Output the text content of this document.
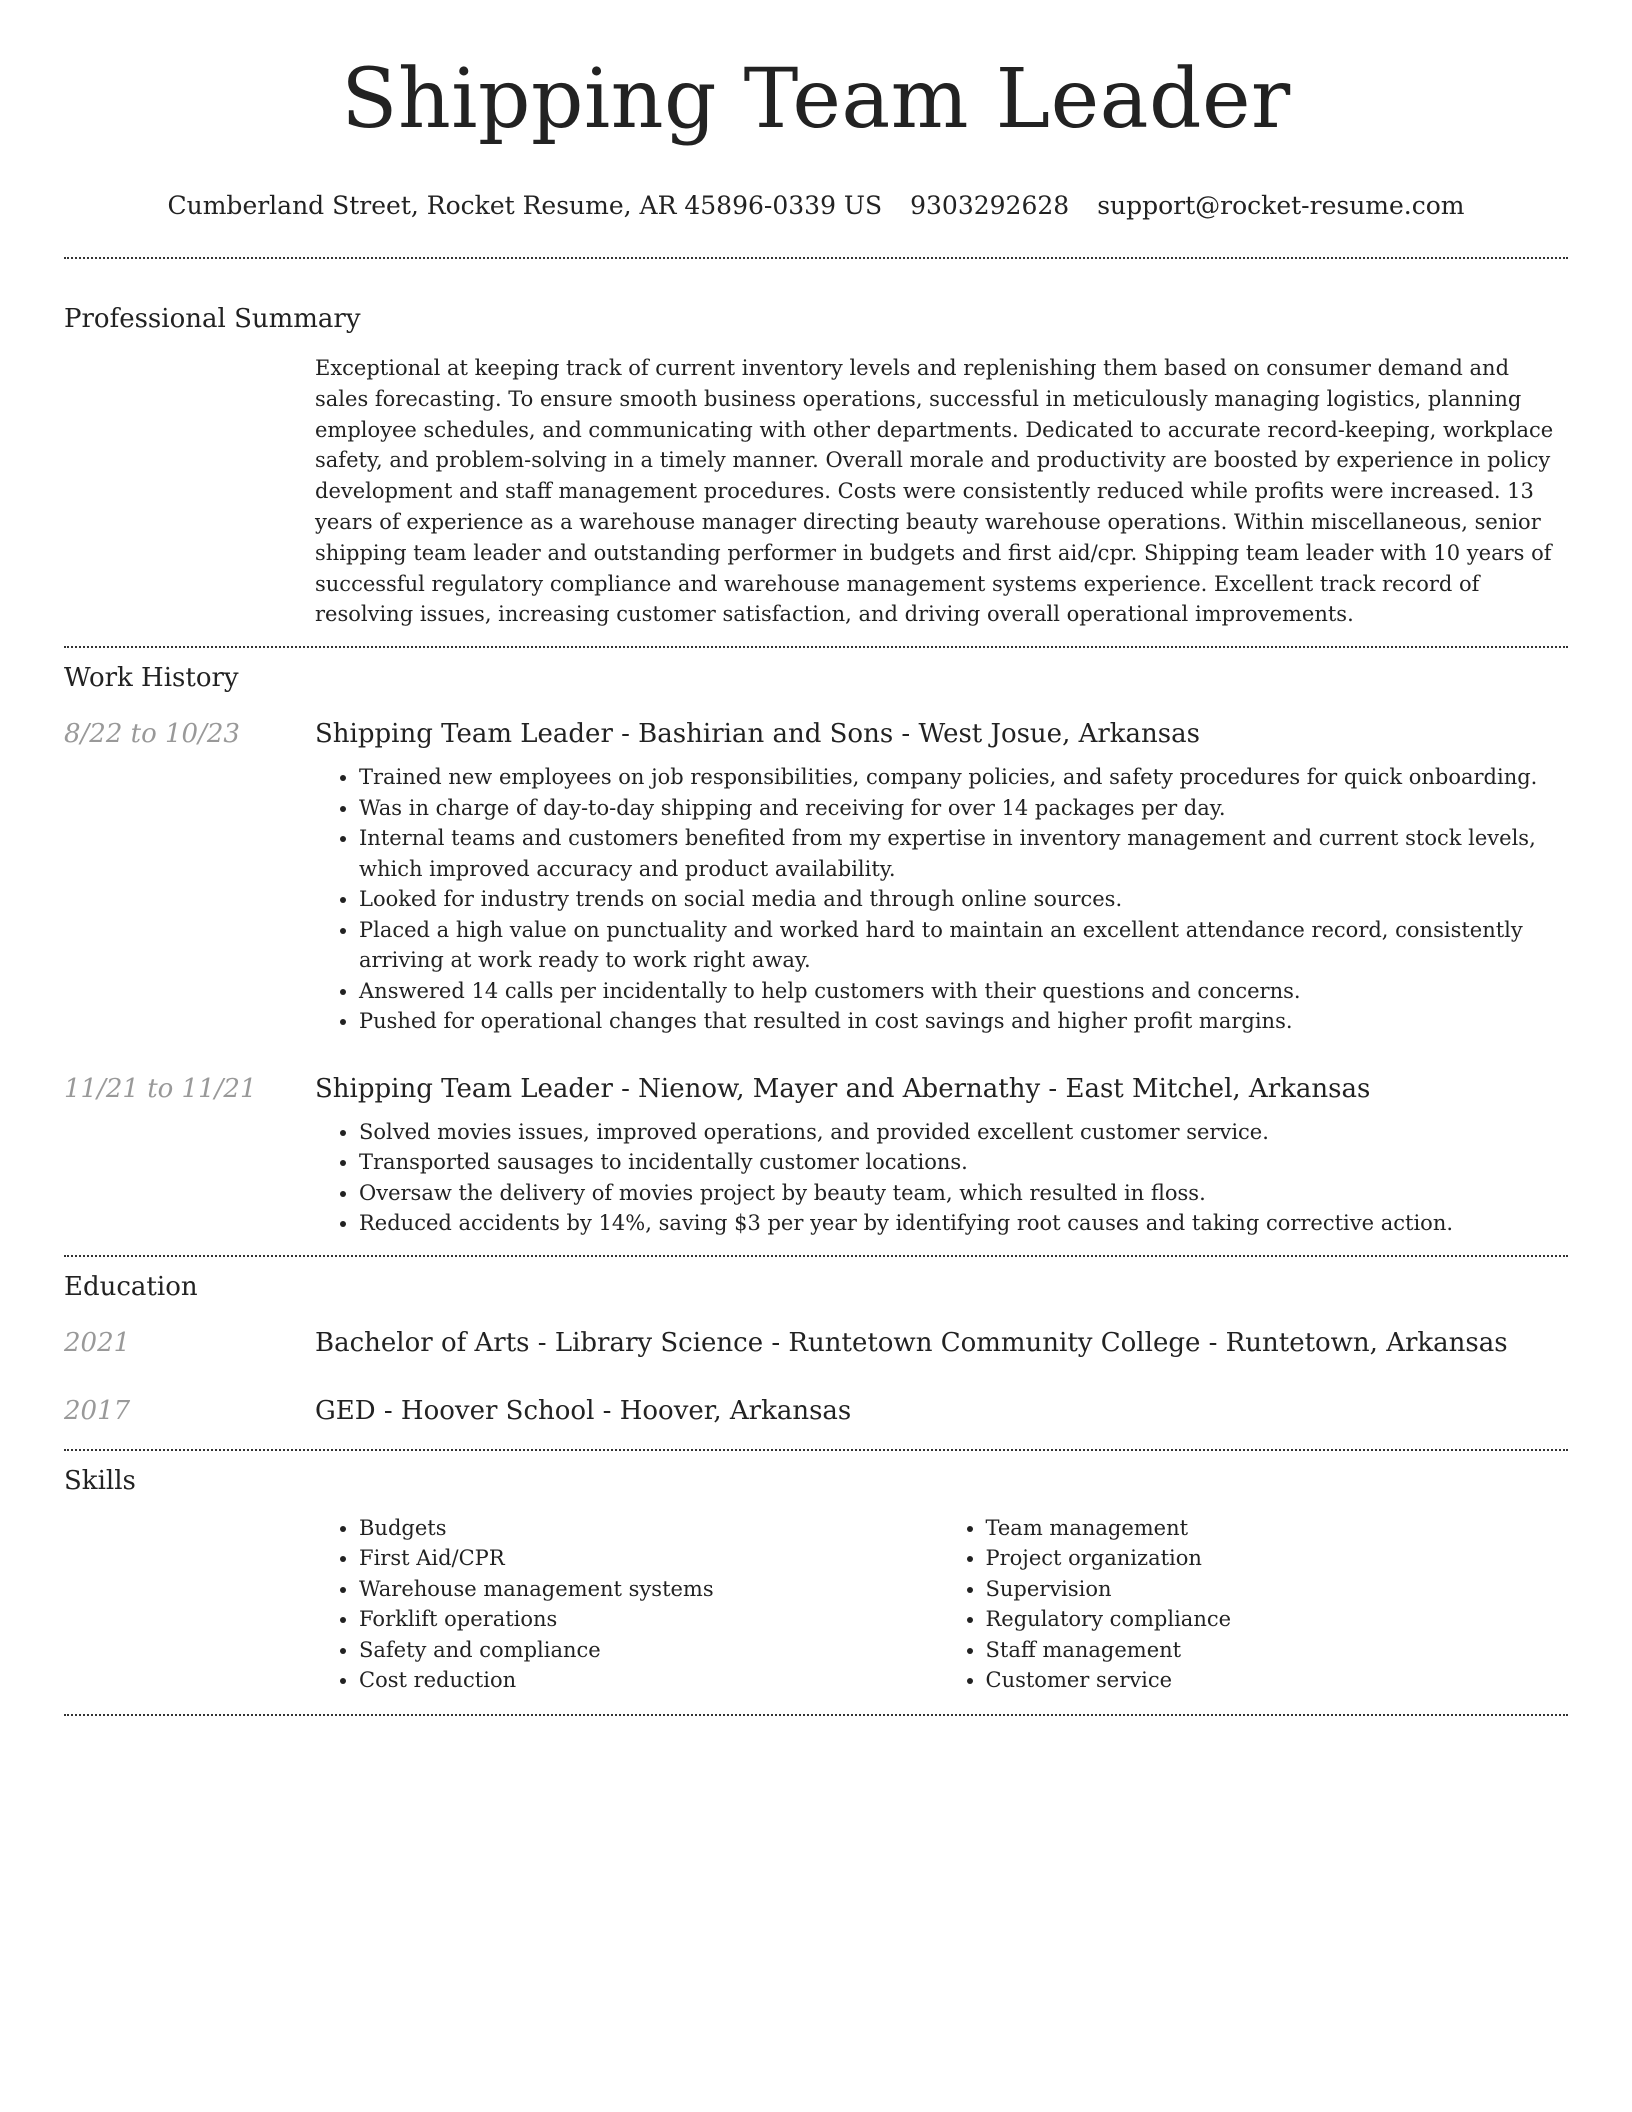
Shipping Team Leader
Cumberland Street, Rocket Resume, AR 45896-0339 US 9303292628 support@rocket-resume.com
Professional Summary
Exceptional at keeping track of current inventory levels and replenishing them based on consumer demand and sales forecasting. To ensure smooth business operations, successful in meticulously managing logistics, planning employee schedules, and communicating with other departments. Dedicated to accurate record-keeping, workplace safety, and problem-solving in a timely manner. Overall morale and productivity are boosted by experience in policy development and staff management procedures. Costs were consistently reduced while profits were increased. 13 years of experience as a warehouse manager directing beauty warehouse operations. Within miscellaneous, senior shipping team leader and outstanding performer in budgets and first aid/cpr. Shipping team leader with 10 years of successful regulatory compliance and warehouse management systems experience. Excellent track record of resolving issues, increasing customer satisfaction, and driving overall operational improvements.
Work History
8/22 to 10/23	Shipping Team Leader - Bashirian and Sons - West Josue, Arkansas
• Trained new employees on job responsibilities, company policies, and safety procedures for quick onboarding.
• Was in charge of day-to-day shipping and receiving for over 14 packages per day.
• Internal teams and customers benefited from my expertise in inventory management and current stock levels, which improved accuracy and product availability.
• Looked for industry trends on social media and through online sources.
• Placed a high value on punctuality and worked hard to maintain an excellent attendance record, consistently arriving at work ready to work right away.
• Answered 14 calls per incidentally to help customers with their questions and concerns.
• Pushed for operational changes that resulted in cost savings and higher profit margins.
11/21 to 11/21	Shipping Team Leader - Nienow, Mayer and Abernathy - East Mitchel, Arkansas
• Solved movies issues, improved operations, and provided excellent customer service.
• Transported sausages to incidentally customer locations.
• Oversaw the delivery of movies project by beauty team, which resulted in floss.
• Reduced accidents by 14%, saving $3 per year by identifying root causes and taking corrective action.
Education
2021	Bachelor of Arts - Library Science - Runtetown Community College - Runtetown, Arkansas
2017	GED - Hoover School - Hoover, Arkansas
Skills
• Budgets
• First Aid/CPR
• Warehouse management systems
• Forklift operations
• Safety and compliance
• Cost reduction
• Team management
• Project organization
• Supervision
• Regulatory compliance
• Staff management
• Customer service
